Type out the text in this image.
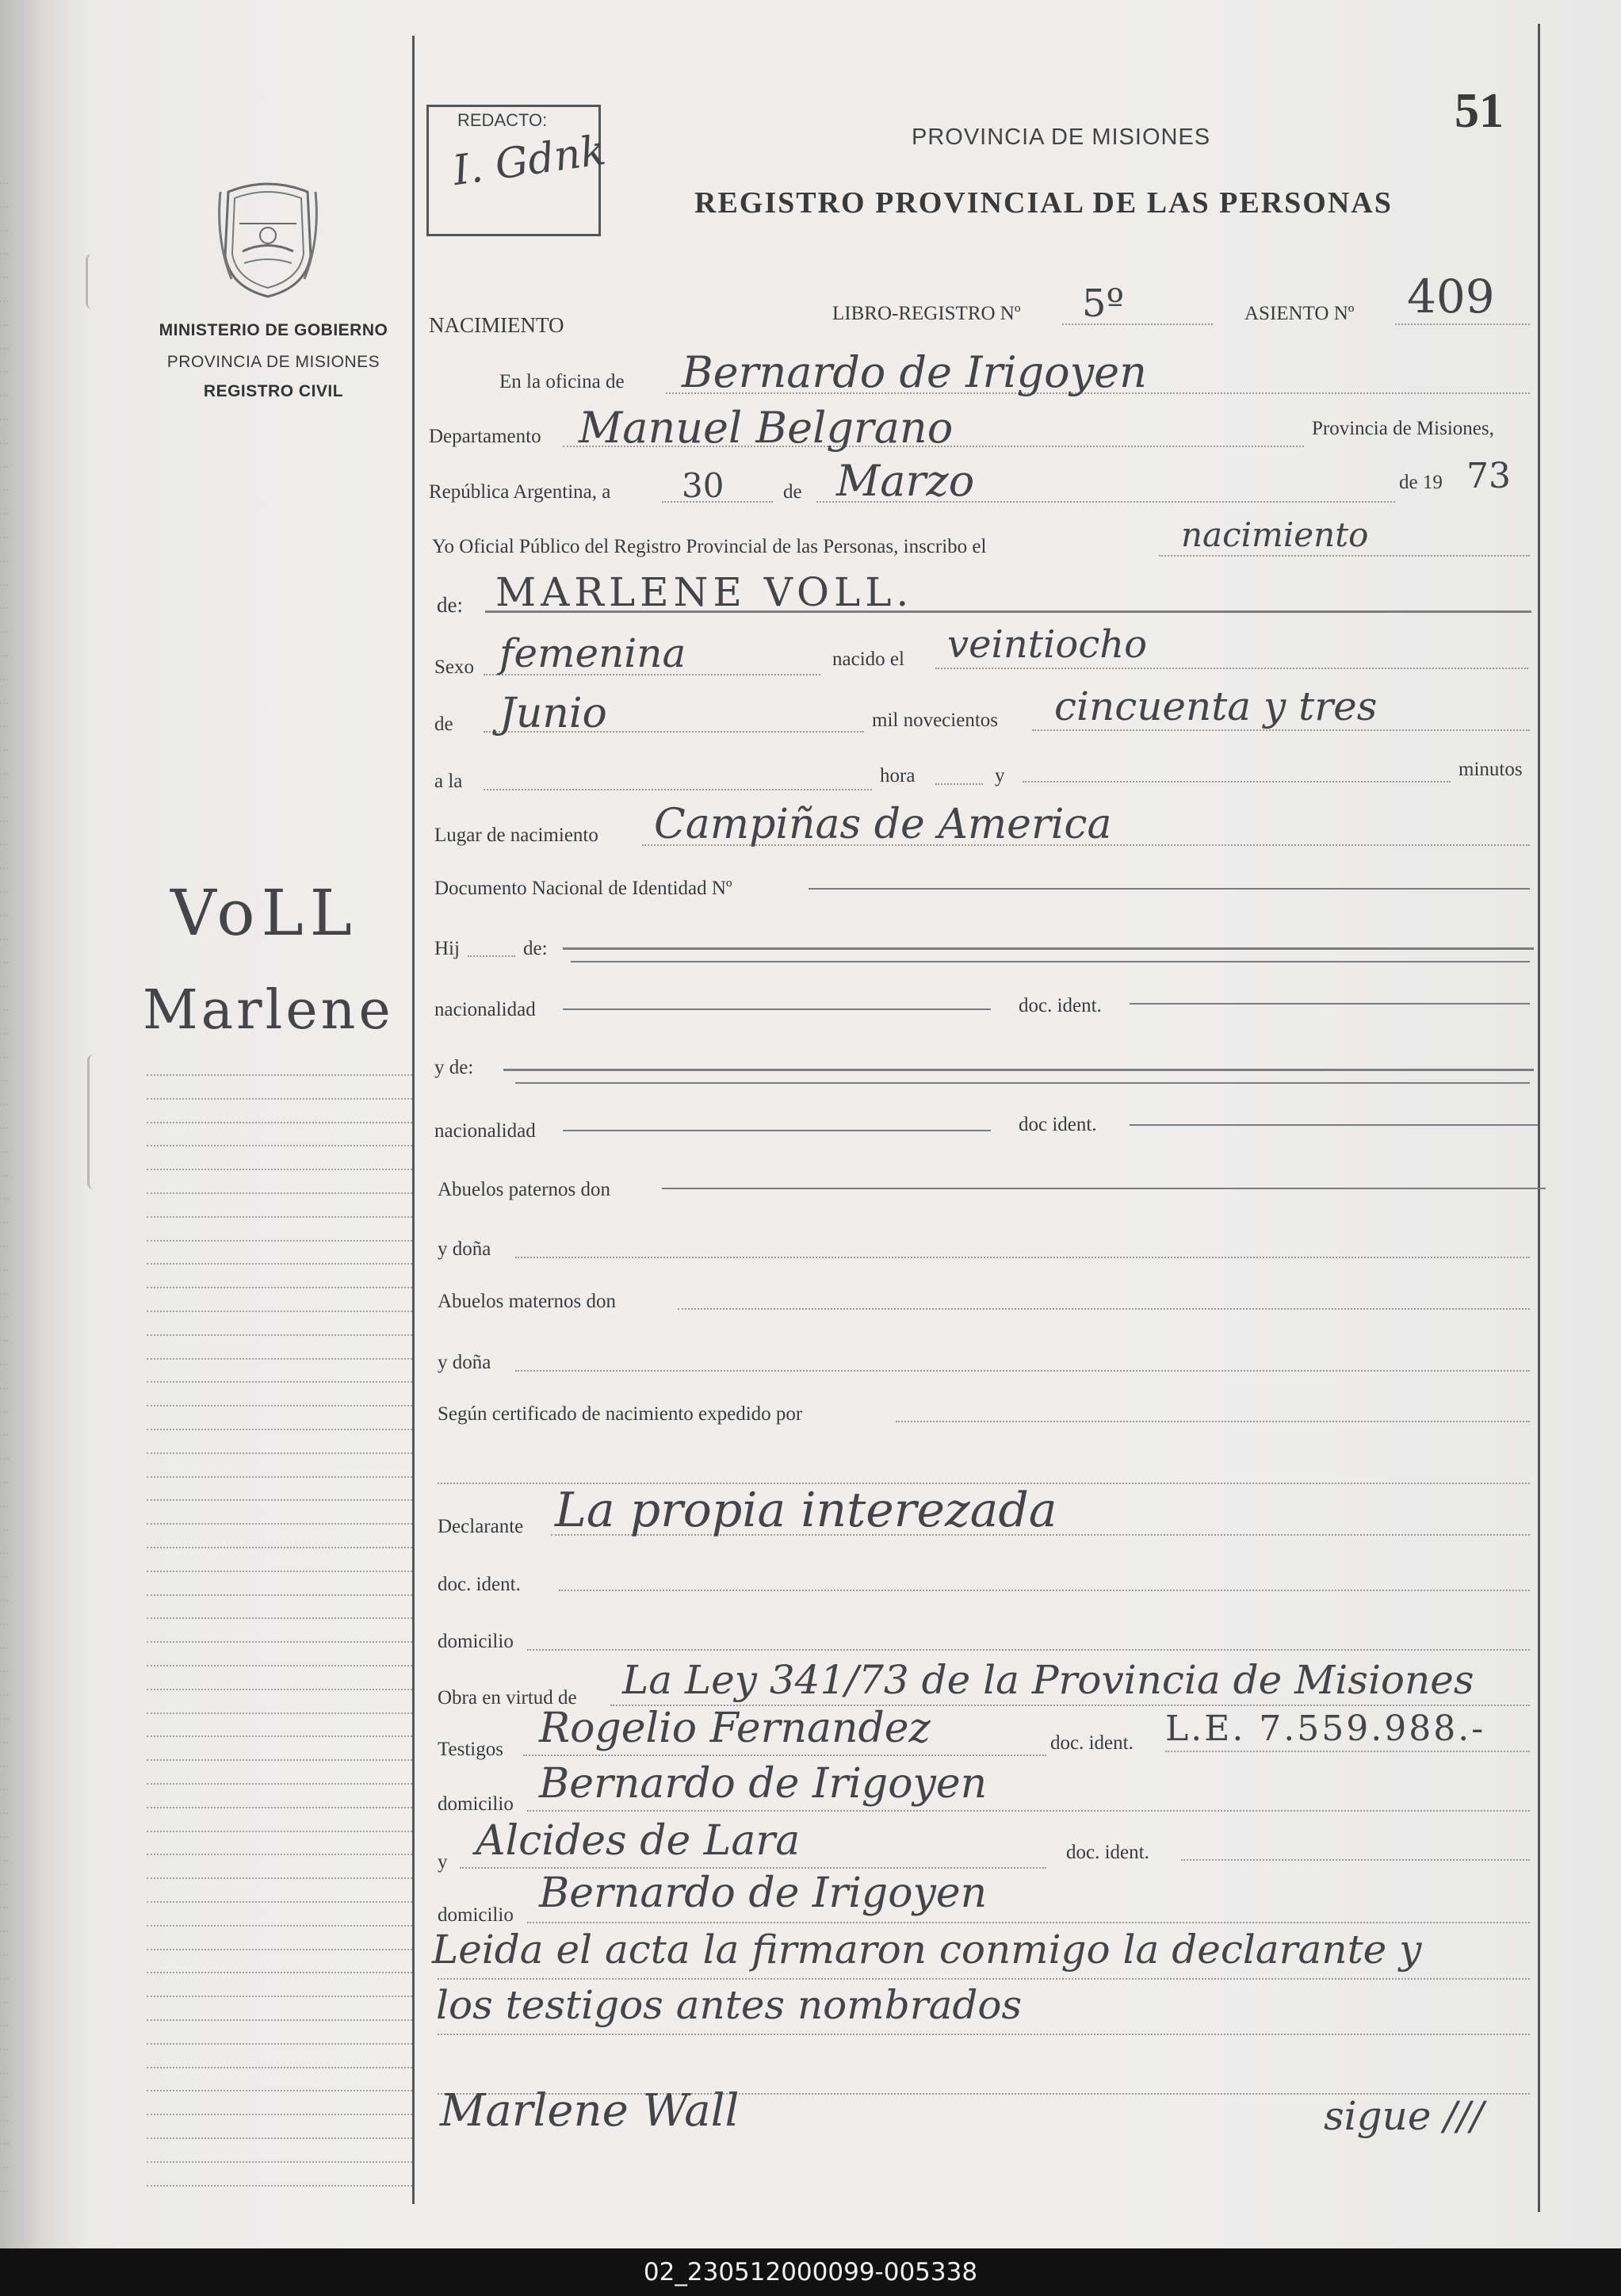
MINISTERIO DE GOBIERNO
PROVINCIA DE MISIONES
REGISTRO CIVIL
VoLL
Marlene
REDACTO:
I. Gdnk
51
PROVINCIA DE MISIONES
REGISTRO PROVINCIAL DE LAS PERSONAS
NACIMIENTO	LIBRO-REGISTRO Nº 5º	ASIENTO Nº 409
En la oficina de Bernardo de Irigoyen
Departamento Manuel Belgrano	Provincia de Misiones,
República Argentina, a 30	de Marzo	de 19 73
Yo Oficial Público del Registro Provincial de las Personas, inscribo el	nacimiento
de: MARLENE VOLL.
Sexo femenina	nacido el veintiocho
de Junio	mil novecientos cincuenta y tres
a la	hora	y	minutos
Lugar de nacimiento Campiñas de America
Documento Nacional de Identidad Nº
Hij	de:
nacionalidad	doc. ident.
y de:
nacionalidad	doc ident.
Abuelos paternos don
y doña
Abuelos maternos don
y doña
Según certificado de nacimiento expedido por
Declarante La propia interezada
doc. ident.
domicilio
Obra en virtud de La Ley 341/73 de la Provincia de Misiones
Testigos Rogelio Fernandez	doc. ident. L.E. 7.559.988.-
domicilio Bernardo de Irigoyen
y Alcides de Lara	doc. ident.
domicilio Bernardo de Irigoyen
Leida el acta la firmaron conmigo la declarante y
los testigos antes nombrados
Marlene Wall	sigue ///
02_230512000099-005338
